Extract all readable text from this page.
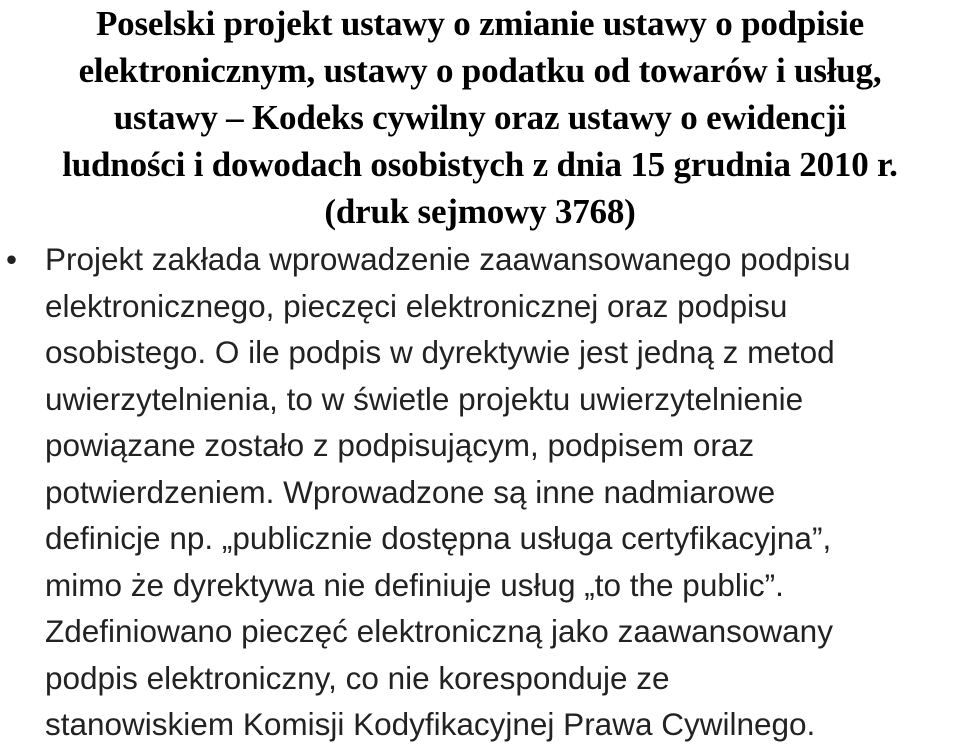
Poselski projekt ustawy o zmianie ustawy o podpisie
elektronicznym, ustawy o podatku od towarów i usług,
ustawy – Kodeks cywilny oraz ustawy o ewidencji
ludności i dowodach osobistych z dnia 15 grudnia 2010 r.
(druk sejmowy 3768)
• Projekt zakłada wprowadzenie zaawansowanego podpisu
elektronicznego, pieczęci elektronicznej oraz podpisu
osobistego. O ile podpis w dyrektywie jest jedną z metod
uwierzytelnienia, to w świetle projektu uwierzytelnienie
powiązane zostało z podpisującym, podpisem oraz
potwierdzeniem. Wprowadzone są inne nadmiarowe
definicje np. „publicznie dostępna usługa certyfikacyjna”,
mimo że dyrektywa nie definiuje usług „to the public”.
Zdefiniowano pieczęć elektroniczną jako zaawansowany
podpis elektroniczny, co nie koresponduje ze
stanowiskiem Komisji Kodyfikacyjnej Prawa Cywilnego.
